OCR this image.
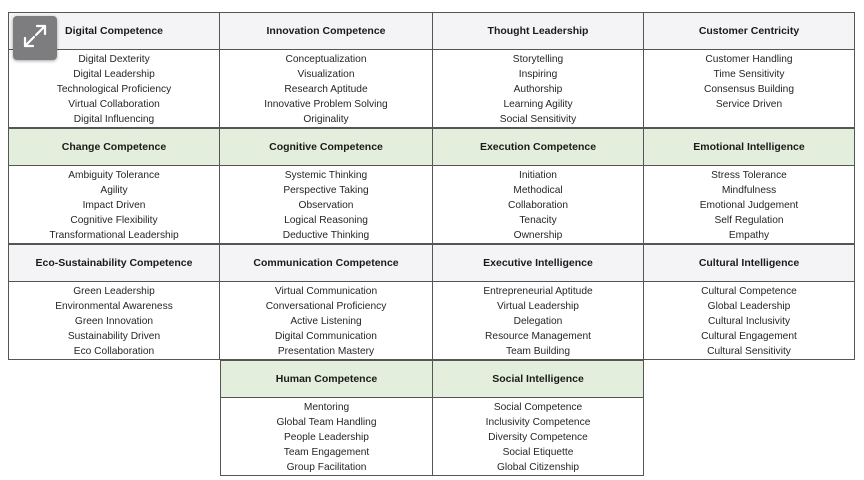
Digital Competence
Digital Dexterity
Digital Leadership
Technological Proficiency
Virtual Collaboration
Digital Influencing
Innovation Competence
Conceptualization
Visualization
Research Aptitude
Innovative Problem Solving
Originality
Thought Leadership
Storytelling
Inspiring
Authorship
Learning Agility
Social Sensitivity
Customer Centricity
Customer Handling
Time Sensitivity
Consensus Building
Service Driven
Change Competence
Ambiguity Tolerance
Agility
Impact Driven
Cognitive Flexibility
Transformational Leadership
Cognitive Competence
Systemic Thinking
Perspective Taking
Observation
Logical Reasoning
Deductive Thinking
Execution Competence
Initiation
Methodical
Collaboration
Tenacity
Ownership
Emotional Intelligence
Stress Tolerance
Mindfulness
Emotional Judgement
Self Regulation
Empathy
Eco-Sustainability Competence
Green Leadership
Environmental Awareness
Green Innovation
Sustainability Driven
Eco Collaboration
Communication Competence
Virtual Communication
Conversational Proficiency
Active Listening
Digital Communication
Presentation Mastery
Executive Intelligence
Entrepreneurial Aptitude
Virtual Leadership
Delegation
Resource Management
Team Building
Cultural Intelligence
Cultural Competence
Global Leadership
Cultural Inclusivity
Cultural Engagement
Cultural Sensitivity
Human Competence
Mentoring
Global Team Handling
People Leadership
Team Engagement
Group Facilitation
Social Intelligence
Social Competence
Inclusivity Competence
Diversity Competence
Social Etiquette
Global Citizenship
